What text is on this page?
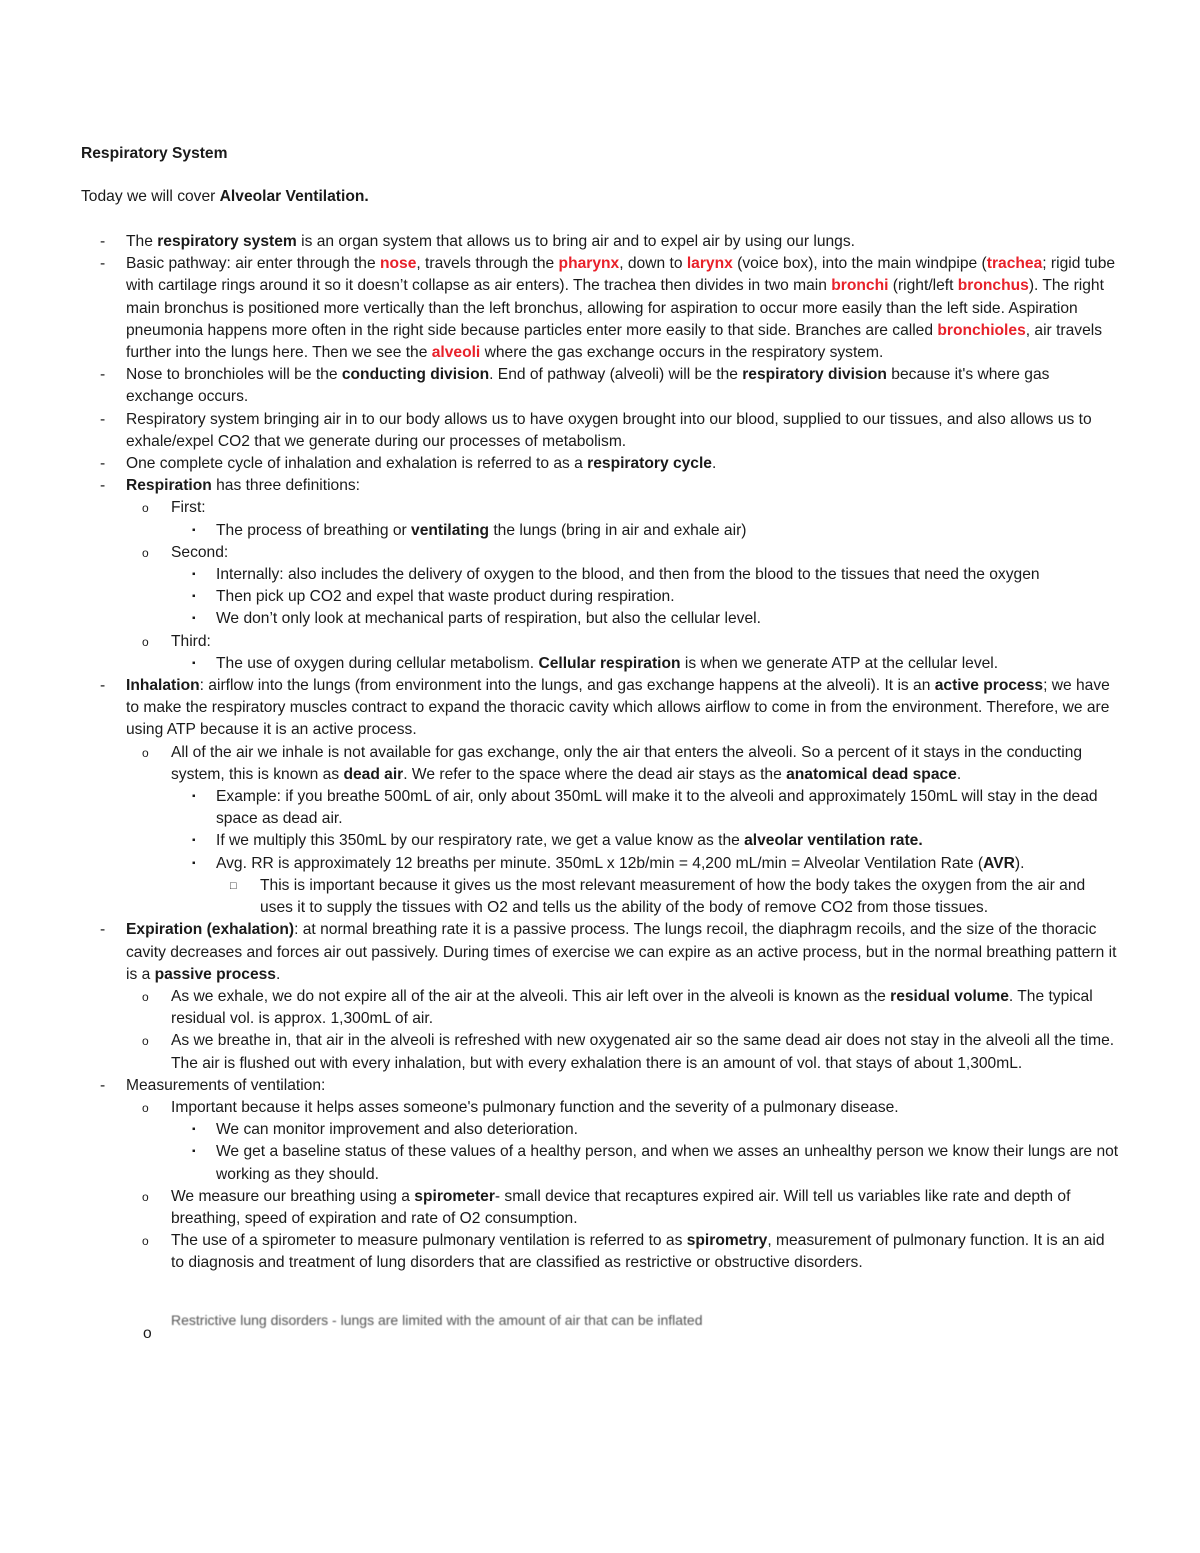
Respiratory System
Today we will cover Alveolar Ventilation.
- The respiratory system is an organ system that allows us to bring air and to expel air by using our lungs.
- Basic pathway: air enter through the nose, travels through the pharynx, down to larynx (voice box), into the main windpipe (trachea; rigid tube with cartilage rings around it so it doesn’t collapse as air enters). The trachea then divides in two main bronchi (right/left bronchus). The right main bronchus is positioned more vertically than the left bronchus, allowing for aspiration to occur more easily than the left side. Aspiration pneumonia happens more often in the right side because particles enter more easily to that side. Branches are called bronchioles, air travels further into the lungs here. Then we see the alveoli where the gas exchange occurs in the respiratory system.
- Nose to bronchioles will be the conducting division. End of pathway (alveoli) will be the respiratory division because it's where gas exchange occurs.
- Respiratory system bringing air in to our body allows us to have oxygen brought into our blood, supplied to our tissues, and also allows us to exhale/expel CO2 that we generate during our processes of metabolism.
- One complete cycle of inhalation and exhalation is referred to as a respiratory cycle.
- Respiration has three definitions:
o First:
▪ The process of breathing or ventilating the lungs (bring in air and exhale air)
o Second:
▪ Internally: also includes the delivery of oxygen to the blood, and then from the blood to the tissues that need the oxygen
▪ Then pick up CO2 and expel that waste product during respiration.
▪ We don’t only look at mechanical parts of respiration, but also the cellular level.
o Third:
▪ The use of oxygen during cellular metabolism. Cellular respiration is when we generate ATP at the cellular level.
- Inhalation: airflow into the lungs (from environment into the lungs, and gas exchange happens at the alveoli). It is an active process; we have to make the respiratory muscles contract to expand the thoracic cavity which allows airflow to come in from the environment. Therefore, we are using ATP because it is an active process.
o All of the air we inhale is not available for gas exchange, only the air that enters the alveoli. So a percent of it stays in the conducting system, this is known as dead air. We refer to the space where the dead air stays as the anatomical dead space.
▪ Example: if you breathe 500mL of air, only about 350mL will make it to the alveoli and approximately 150mL will stay in the dead space as dead air.
▪ If we multiply this 350mL by our respiratory rate, we get a value know as the alveolar ventilation rate.
▪ Avg. RR is approximately 12 breaths per minute. 350mL x 12b/min = 4,200 mL/min = Alveolar Ventilation Rate (AVR).
□ This is important because it gives us the most relevant measurement of how the body takes the oxygen from the air and uses it to supply the tissues with O2 and tells us the ability of the body of remove CO2 from those tissues.
- Expiration (exhalation): at normal breathing rate it is a passive process. The lungs recoil, the diaphragm recoils, and the size of the thoracic cavity decreases and forces air out passively. During times of exercise we can expire as an active process, but in the normal breathing pattern it is a passive process.
o As we exhale, we do not expire all of the air at the alveoli. This air left over in the alveoli is known as the residual volume. The typical residual vol. is approx. 1,300mL of air.
o As we breathe in, that air in the alveoli is refreshed with new oxygenated air so the same dead air does not stay in the alveoli all the time. The air is flushed out with every inhalation, but with every exhalation there is an amount of vol. that stays of about 1,300mL.
- Measurements of ventilation:
o Important because it helps asses someone's pulmonary function and the severity of a pulmonary disease.
▪ We can monitor improvement and also deterioration.
▪ We get a baseline status of these values of a healthy person, and when we asses an unhealthy person we know their lungs are not working as they should.
o We measure our breathing using a spirometer- small device that recaptures expired air. Will tell us variables like rate and depth of breathing, speed of expiration and rate of O2 consumption.
o The use of a spirometer to measure pulmonary ventilation is referred to as spirometry, measurement of pulmonary function. It is an aid to diagnosis and treatment of lung disorders that are classified as restrictive or obstructive disorders.
o
Restrictive lung disorders - lungs are limited with the amount of air that can be inflated
